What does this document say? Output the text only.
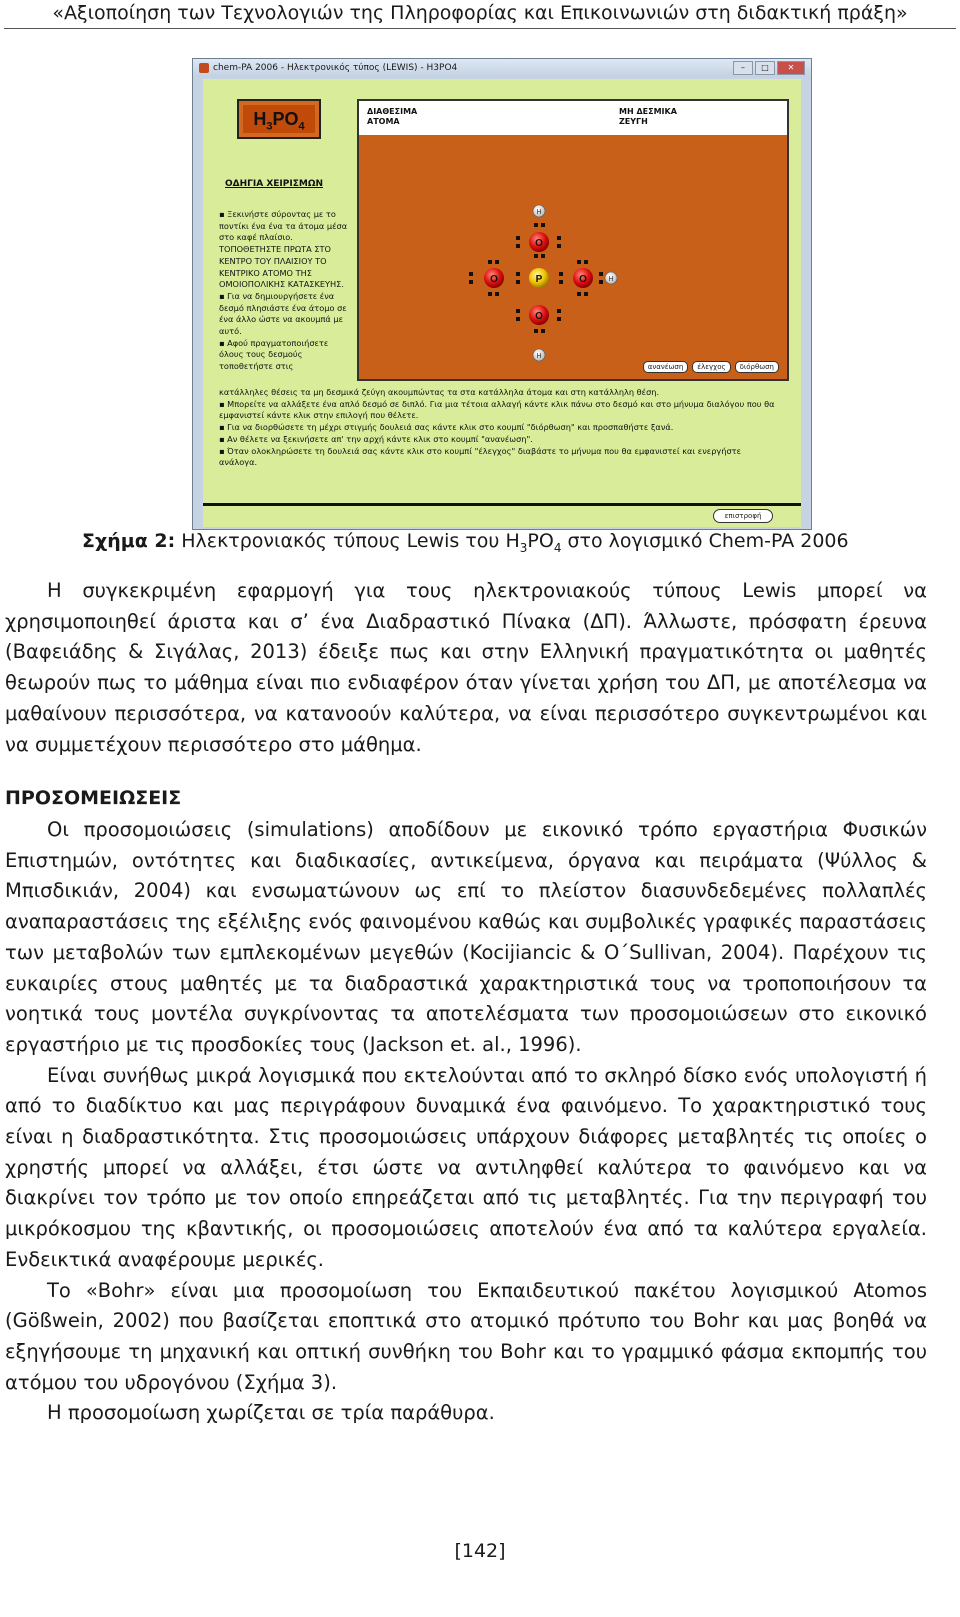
«Αξιοποίηση των Τεχνολογιών της Πληροφορίας και Επικοινωνιών στη διδακτική πράξη»
chem-PA 2006 - Ηλεκτρονικός τύπος (LEWIS) - H3PO4	–	□	✕
$H_3PO_4$
ΟΔΗΓΙΑ ΧΕΙΡΙΣΜΩΝ
▪ Ξεκινήστε σύροντας με το ποντίκι ένα ένα τα άτομα μέσα στο καφέ πλαίσιο.
ΤΟΠΟΘΕΤΗΣΤΕ ΠΡΩΤΑ ΣΤΟ ΚΕΝΤΡΟ ΤΟΥ ΠΛΑΙΣΙΟΥ ΤΟ ΚΕΝΤΡΙΚΟ ΑΤΟΜΟ ΤΗΣ ΟΜΟΙΟΠΟΛΙΚΗΣ ΚΑΤΑΣΚΕΥΗΣ.
▪ Για να δημιουργήσετε ένα δεσμό πλησιάστε ένα άτομο σε ένα άλλο ώστε να ακουμπά με αυτό.
▪ Αφού πραγματοποιήσετε όλους τους δεσμούς τοποθετήστε στις
κατάλληλες θέσεις τα μη δεσμικά ζεύγη ακουμπώντας τα στα κατάλληλα άτομα και στη κατάλληλη θέση.
▪ Μπορείτε να αλλάξετε ένα απλό δεσμό σε διπλό. Για μια τέτοια αλλαγή κάντε κλικ πάνω στο δεσμό και στο μήνυμα διαλόγου που θα εμφανιστεί κάντε κλικ στην επιλογή που θέλετε.
▪ Για να διορθώσετε τη μέχρι στιγμής δουλειά σας κάντε κλικ στο κουμπί "διόρθωση" και προσπαθήστε ξανά.
▪ Αν θέλετε να ξεκινήσετε απ' την αρχή κάντε κλικ στο κουμπί "ανανέωση".
▪ Όταν ολοκληρώσετε τη δουλειά σας κάντε κλικ στο κουμπί "έλεγχος" διαβάστε το μήνυμα που θα εμφανιστεί και ενεργήστε ανάλογα.
ΔΙΑΘΕΣΙΜΑ
ΑΤΟΜΑ
ΜΗ ΔΕΣΜΙΚΑ
ΖΕΥΓΗ
H
H
H
O
O	O
O
P
ανανέωση	έλεγχος	διόρθωση
επιστροφή
Σχήμα 2: Ηλεκτρονιακός τύπους Lewis του $H_3PO_4$ στο λογισμικό Chem-PA 2006

Η συγκεκριμένη εφαρμογή για τους ηλεκτρονιακούς τύπους Lewis μπορεί να χρησιμοποιηθεί άριστα και σ’ ένα Διαδραστικό Πίνακα (ΔΠ). Άλλωστε, πρόσφατη έρευνα (Βαφειάδης & Σιγάλας, 2013) έδειξε πως και στην Ελληνική πραγματικότητα οι μαθητές θεωρούν πως το μάθημα είναι πιο ενδιαφέρον όταν γίνεται χρήση του ΔΠ, με αποτέλεσμα να μαθαίνουν περισσότερα, να κατανοούν καλύτερα, να είναι περισσότερο συγκεντρωμένοι και να συμμετέχουν περισσότερο στο μάθημα.

ΠΡΟΣΟΜΕΙΩΣΕΙΣ

Οι προσομοιώσεις (simulations) αποδίδουν με εικονικό τρόπο εργαστήρια Φυσικών Επιστημών, οντότητες και διαδικασίες, αντικείμενα, όργανα και πειράματα (Ψύλλος & Μπισδικιάν, 2004) και ενσωματώνουν ως επί το πλείστον διασυνδεδεμένες πολλαπλές αναπαραστάσεις της εξέλιξης ενός φαινομένου καθώς και συμβολικές γραφικές παραστάσεις των μεταβολών των εμπλεκομένων μεγεθών (Kocijiancic & O΄Sullivan, 2004). Παρέχουν τις ευκαιρίες στους μαθητές με τα διαδραστικά χαρακτηριστικά τους να τροποποιήσουν τα νοητικά τους μοντέλα συγκρίνοντας τα αποτελέσματα των προσομοιώσεων στο εικονικό εργαστήριο με τις προσδοκίες τους (Jackson et. al., 1996).

Είναι συνήθως μικρά λογισμικά που εκτελούνται από το σκληρό δίσκο ενός υπολογιστή ή από το διαδίκτυο και μας περιγράφουν δυναμικά ένα φαινόμενο. Το χαρακτηριστικό τους είναι η διαδραστικότητα. Στις προσομοιώσεις υπάρχουν διάφορες μεταβλητές τις οποίες ο χρηστής μπορεί να αλλάξει, έτσι ώστε να αντιληφθεί καλύτερα το φαινόμενο και να διακρίνει τον τρόπο με τον οποίο επηρεάζεται από τις μεταβλητές. Για την περιγραφή του μικρόκοσμου της κβαντικής, οι προσομοιώσεις αποτελούν ένα από τα καλύτερα εργαλεία. Ενδεικτικά αναφέρουμε μερικές.

Το «Bohr» είναι μια προσομοίωση του Εκπαιδευτικού πακέτου λογισμικού Atomos (Gößwein, 2002) που βασίζεται εποπτικά στο ατομικό πρότυπο του Bohr και μας βοηθά να εξηγήσουμε τη μηχανική και οπτική συνθήκη του Bohr και το γραμμικό φάσμα εκπομπής του ατόμου του υδρογόνου (Σχήμα 3).

Η προσομοίωση χωρίζεται σε τρία παράθυρα.

[142]
